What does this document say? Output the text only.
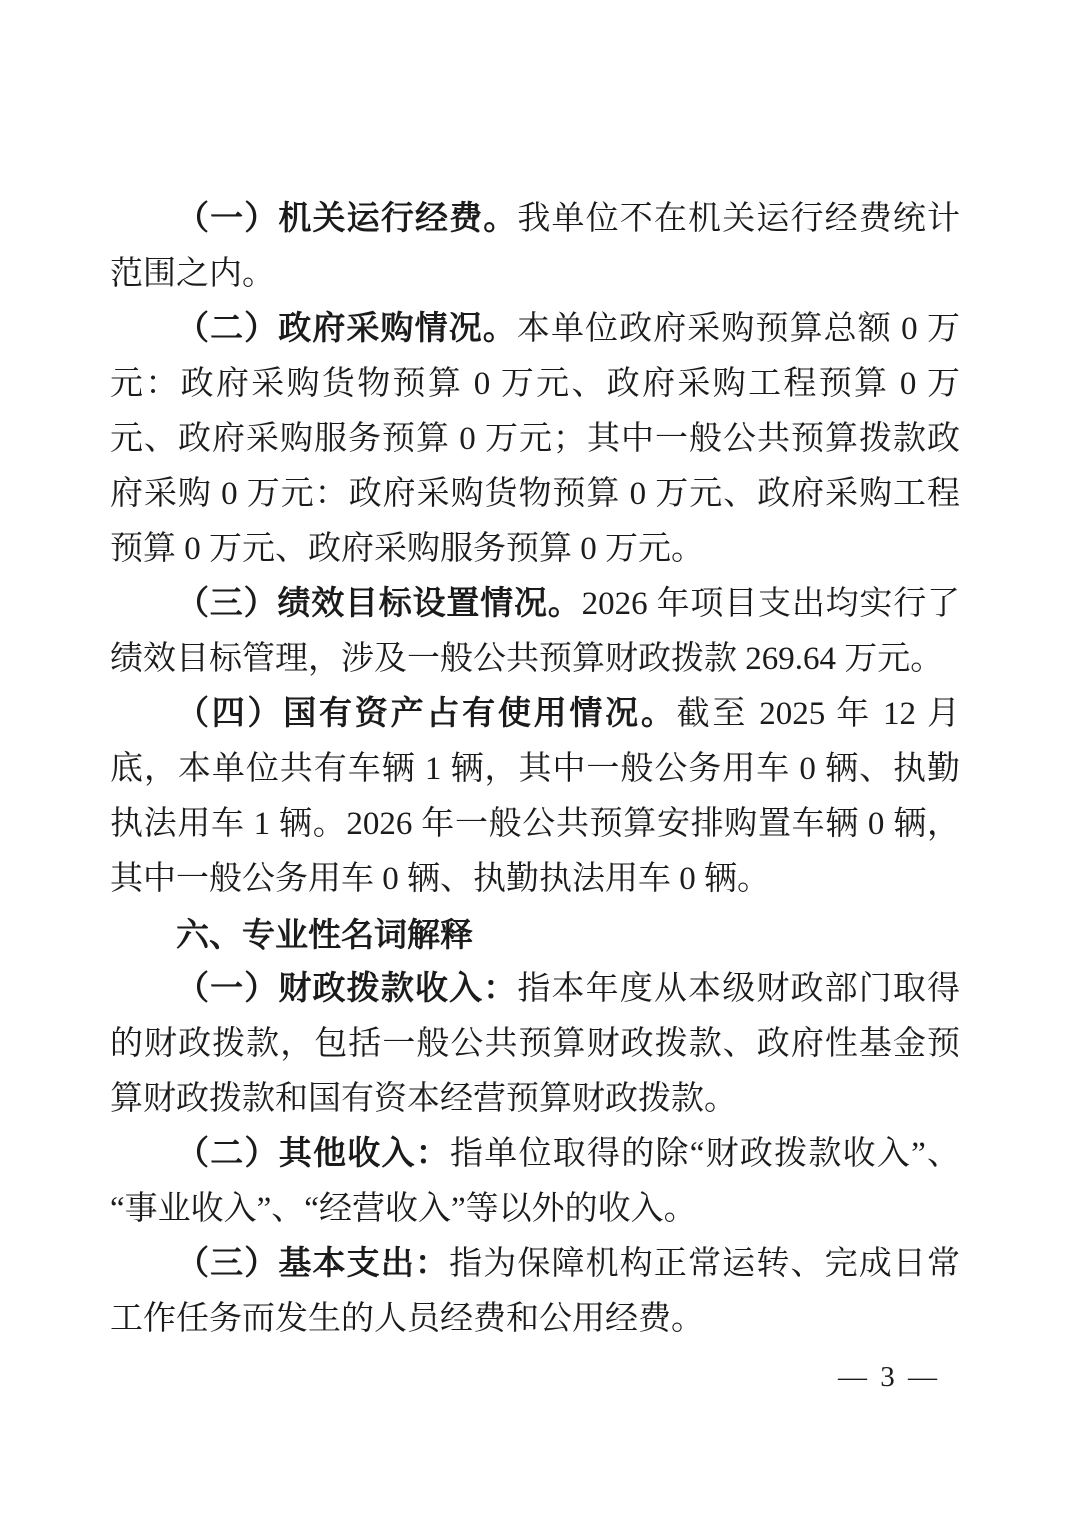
（一）机关运行经费。我单位不在机关运行经费统计范围之内。

（二）政府采购情况。本单位政府采购预算总额 0 万元：政府采购货物预算 0 万元、政府采购工程预算 0 万元、政府采购服务预算 0 万元；其中一般公共预算拨款政府采购 0 万元：政府采购货物预算 0 万元、政府采购工程预算 0 万元、政府采购服务预算 0 万元。

（三）绩效目标设置情况。2026 年项目支出均实行了绩效目标管理，涉及一般公共预算财政拨款 269.64 万元。

（四）国有资产占有使用情况。截至 2025 年 12 月底，本单位共有车辆 1 辆，其中一般公务用车 0 辆、执勤执法用车 1 辆。2026 年一般公共预算安排购置车辆 0 辆，其中一般公务用车 0 辆、执勤执法用车 0 辆。

六、专业性名词解释

（一）财政拨款收入：指本年度从本级财政部门取得的财政拨款，包括一般公共预算财政拨款、政府性基金预算财政拨款和国有资本经营预算财政拨款。

（二）其他收入：指单位取得的除“财政拨款收入”、“事业收入”、“经营收入”等以外的收入。

（三）基本支出：指为保障机构正常运转、完成日常工作任务而发生的人员经费和公用经费。

— 3 —
